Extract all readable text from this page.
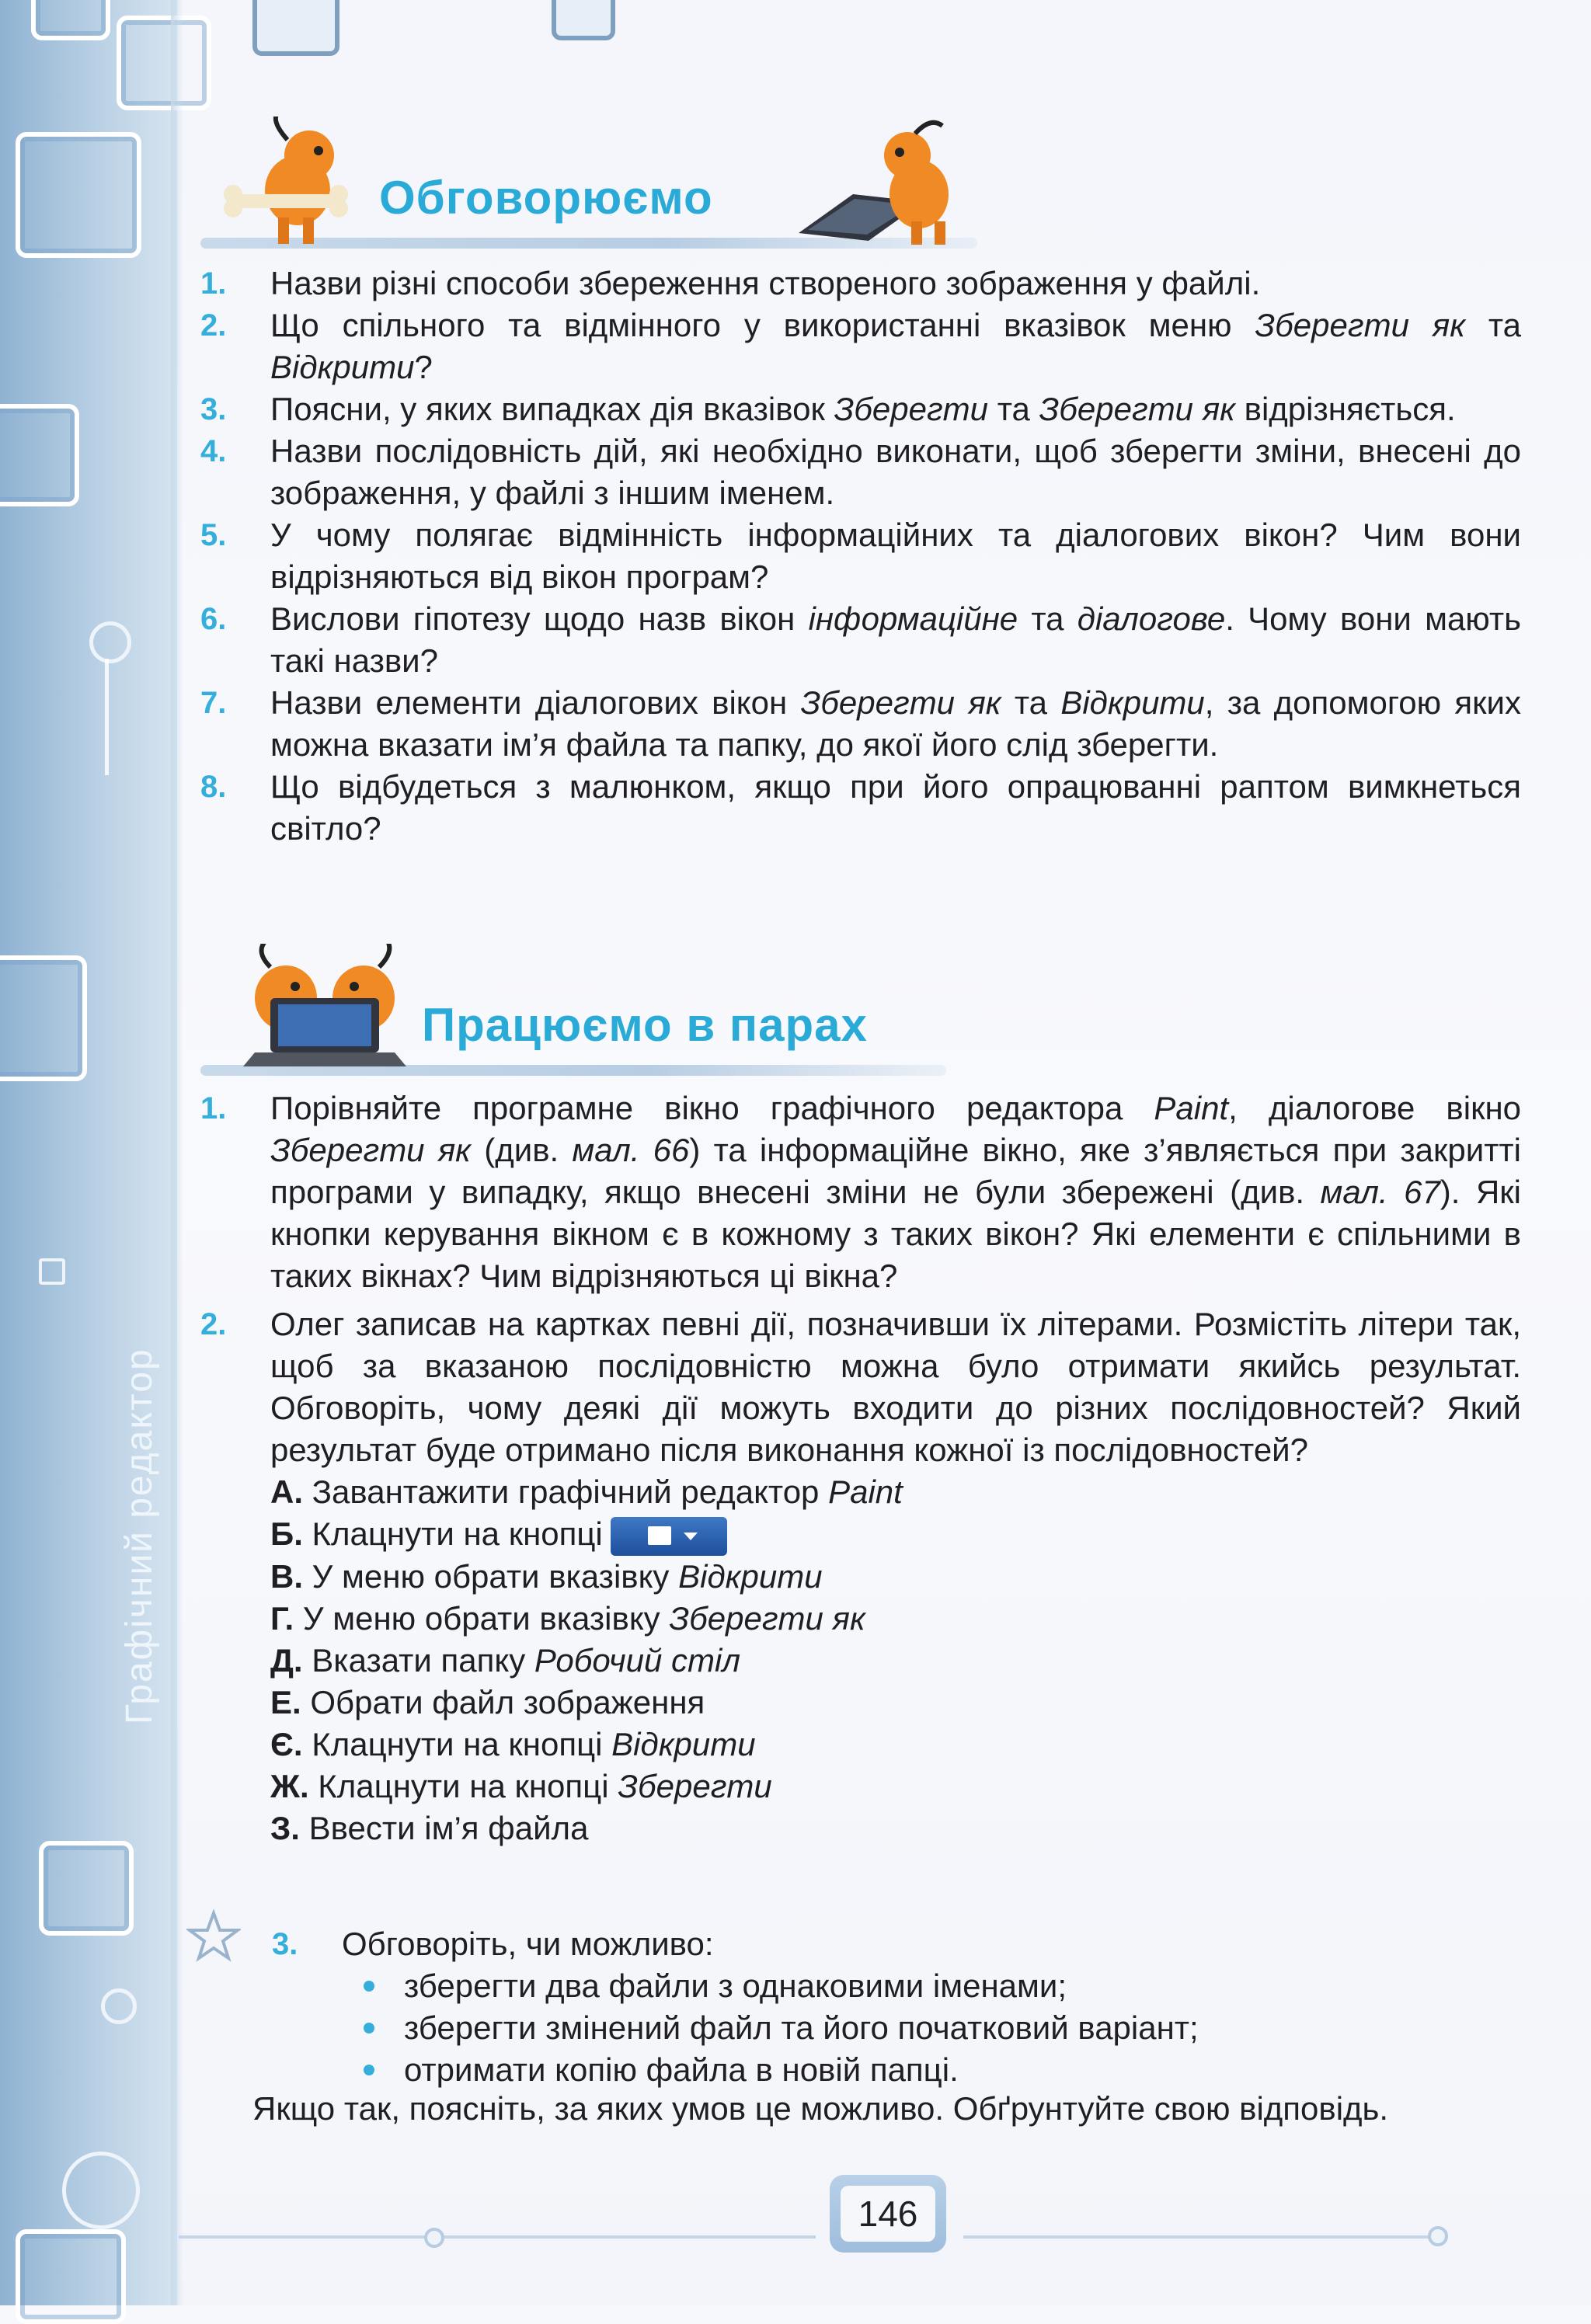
Графічний редактор
Обговорюємо
1.	Назви різні способи збереження створеного зображення у файлі.
2.	Що спільного та відмінного у використанні вказівок меню Зберегти як та Відкрити?
3.	Поясни, у яких випадках дія вказівок Зберегти та Зберегти як відрізняється.
4.	Назви послідовність дій, які необхідно виконати, щоб зберегти зміни, внесені до зображення, у файлі з іншим іменем.
5.	У чому полягає відмінність інформаційних та діалогових вікон? Чим вони відрізняються від вікон програм?
6.	Вислови гіпотезу щодо назв вікон інформаційне та діалогове. Чому вони мають такі назви?
7.	Назви елементи діалогових вікон Зберегти як та Відкрити, за допомогою яких можна вказати ім’я файла та папку, до якої його слід зберегти.
8.	Що відбудеться з малюнком, якщо при його опрацюванні раптом вимкнеться світло?
Працюємо в парах
1.	Порівняйте програмне вікно графічного редактора Paint, діалогове вікно Зберегти як (див. мал. 66) та інформаційне вікно, яке з’являється при закритті програми у випадку, якщо внесені зміни не були збережені (див. мал. 67). Які кнопки керування вікном є в кожному з таких вікон? Які елементи є спільними в таких вікнах? Чим відрізняються ці вікна?
2.	Олег записав на картках певні дії, позначивши їх літерами. Розмістіть літери так, щоб за вказаною послідовністю можна було отримати якийсь результат. Обговоріть, чому деякі дії можуть входити до різних послідовностей? Який результат буде отримано після виконання кожної із послідовностей?
А. Завантажити графічний редактор Paint
Б. Клацнути на кнопці
В. У меню обрати вказівку Відкрити
Г. У меню обрати вказівку Зберегти як
Д. Вказати папку Робочий стіл
Е. Обрати файл зображення
Є. Клацнути на кнопці Відкрити
Ж. Клацнути на кнопці Зберегти
З. Ввести ім’я файла
3.	Обговоріть, чи можливо:
зберегти два файли з однаковими іменами;
зберегти змінений файл та його початковий варіант;
отримати копію файла в новій папці.
Якщо так, поясніть, за яких умов це можливо. Обґрунтуйте свою відповідь.
146
